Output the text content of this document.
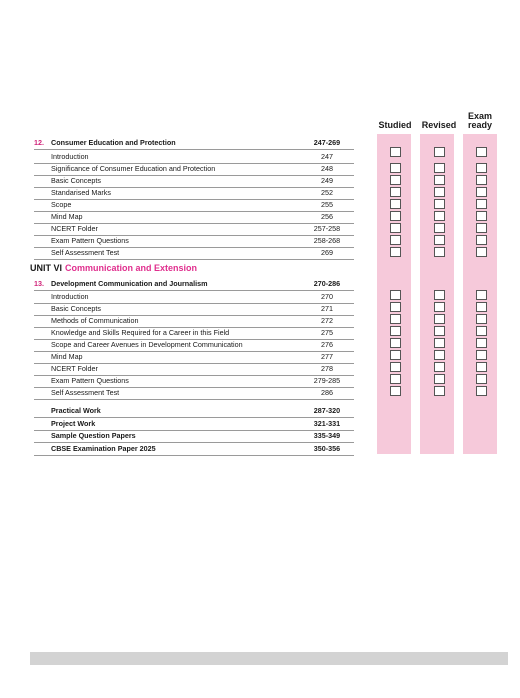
Studied	Revised
Exam
ready
12. Consumer Education and Protection	247-269
Introduction	247
Significance of Consumer Education and Protection	248
Basic Concepts	249
Standarised Marks	252
Scope	255
Mind Map	256
NCERT Folder	257-258
Exam Pattern Questions	258-268
Self Assessment Test	269
13. Development Communication and Journalism	270-286
Introduction	270
Basic Concepts	271
Methods of Communication	272
Knowledge and Skills Required for a Career in this Field	275
Scope and Career Avenues in Development Communication	276
Mind Map	277
NCERT Folder	278
Exam Pattern Questions	279-285
Self Assessment Test	286
Practical Work	287-320
Project Work	321-331
Sample Question Papers	335-349
CBSE Examination Paper 2025	350-356
UNIT VI Communication and Extension
